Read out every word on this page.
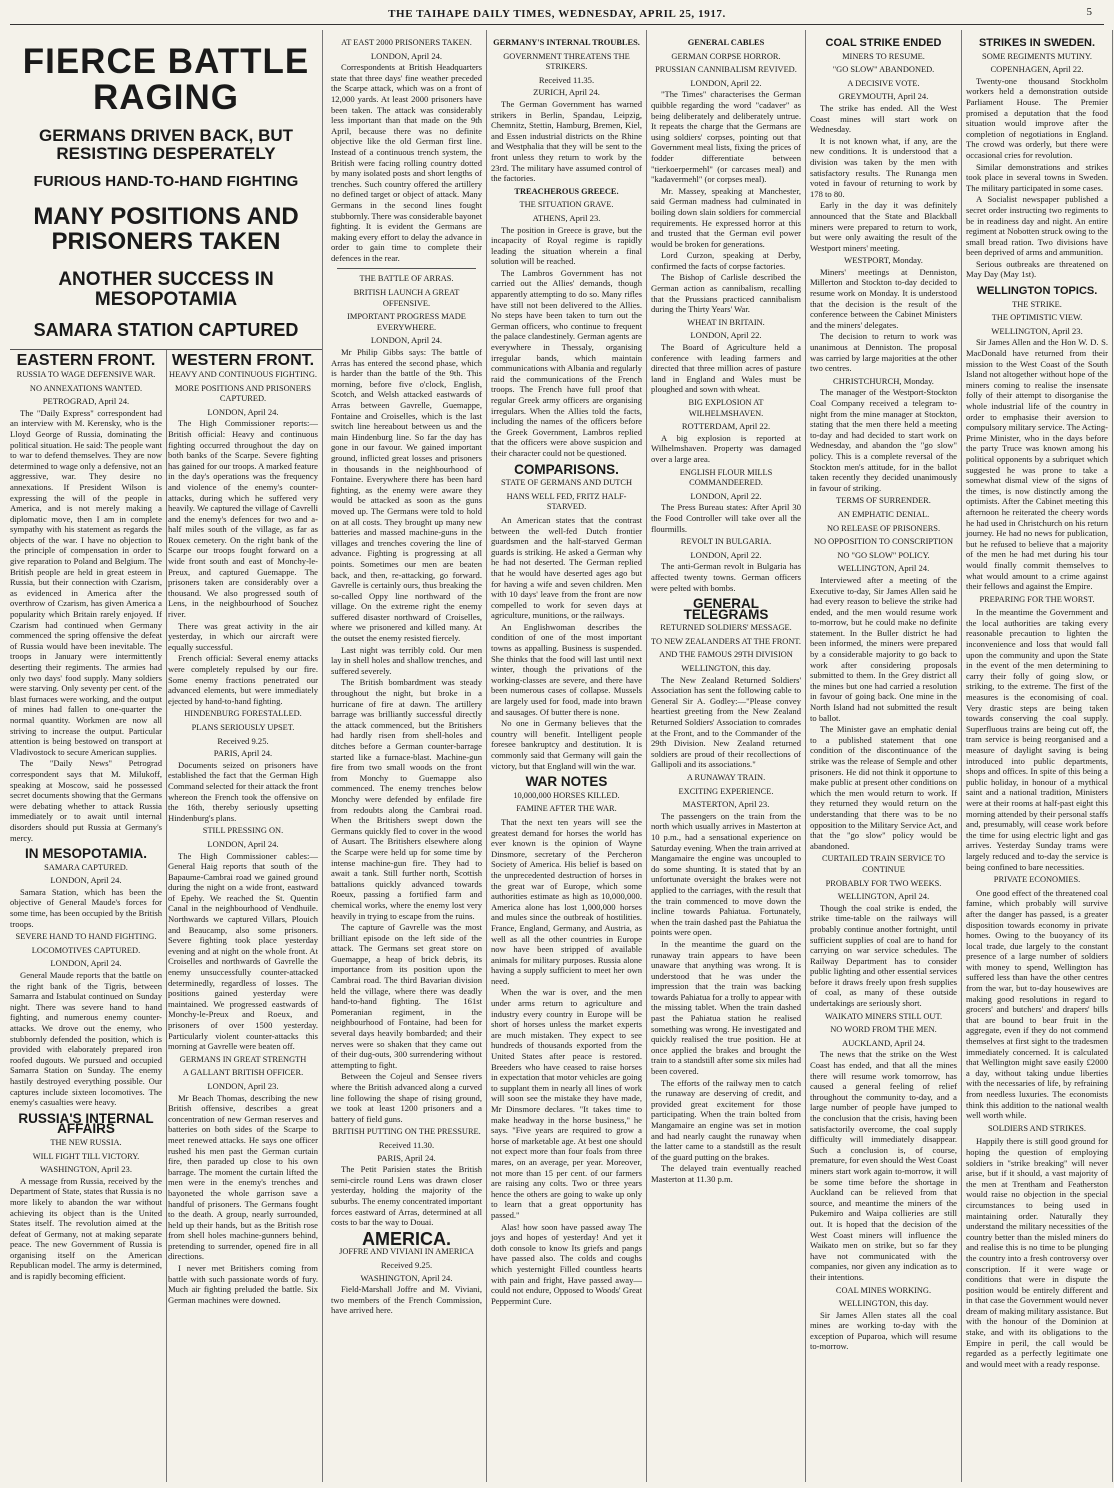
THE TAIHAPE DAILY TIMES, WEDNESDAY, APRIL 25, 1917.	5
FIERCE BATTLE RAGING
GERMANS DRIVEN BACK, BUT RESISTING DESPERATELY
FURIOUS HAND-TO-HAND FIGHTING
MANY POSITIONS AND PRISONERS TAKEN
ANOTHER SUCCESS IN MESOPOTAMIA
SAMARA STATION CAPTURED
EASTERN FRONT.
RUSSIA TO WAGE DEFENSIVE WAR.
NO ANNEXATIONS WANTED.
PETROGRAD, April 24.

The "Daily Express" correspondent had an interview with M. Kerensky, who is the Lloyd George of Russia, dominating the political situation. He said: The people want to war to defend themselves. They are now determined to wage only a defensive, not an aggressive, war. They desire no annexations. If President Wilson is expressing the will of the people in America, and is not merely making a diplomatic move, then I am in complete sympathy with his statement as regards the objects of the war. I have no objection to the principle of compensation in order to give reparation to Poland and Belgium. The British people are held in great esteem in Russia, but their connection with Czarism, as evidenced in America after the overthrow of Czarism, has given America a popularity which Britain rarely enjoyed. If Czarism had continued when Germany commenced the spring offensive the defeat of Russia would have been inevitable. The troops in January were intermittently deserting their regiments. The armies had only two days' food supply. Many soldiers were starving. Only seventy per cent. of the blast furnaces were working, and the output of mines had fallen to one-quarter the normal quantity. Workmen are now all striving to increase the output. Particular attention is being bestowed on transport at Vladivostock to secure American supplies.

The "Daily News" Petrograd correspondent says that M. Milukoff, speaking at Moscow, said he possessed secret documents showing that the Germans were debating whether to attack Russia immediately or to await until internal disorders should put Russia at Germany's mercy.

IN MESOPOTAMIA.
SAMARA CAPTURED.
LONDON, April 24.

Samara Station, which has been the objective of General Maude's forces for some time, has been occupied by the British troops.

SEVERE HAND TO HAND FIGHTING.
LOCOMOTIVES CAPTURED.
LONDON, April 24.

General Maude reports that the battle on the right bank of the Tigris, between Samarra and Istabulat continued on Sunday night. There was severe hand to hand fighting, and numerous enemy counter-attacks. We drove out the enemy, who stubbornly defended the position, which is provided with elaborately prepared iron roofed dugouts. We pursued and occupied Samarra Station on Sunday. The enemy hastily destroyed everything possible. Our captures include sixteen locomotives. The enemy's casualties were heavy.

RUSSIA'S INTERNAL AFFAIRS
THE NEW RUSSIA.
WILL FIGHT TILL VICTORY.
WASHINGTON, April 23.

A message from Russia, received by the Department of State, states that Russia is no more likely to abandon the war without achieving its object than is the United States itself. The revolution aimed at the defeat of Germany, not at making separate peace. The new Government of Russia is organising itself on the American Republican model. The army is determined, and is rapidly becoming efficient.

WESTERN FRONT.
HEAVY AND CONTINUOUS FIGHTING.
MORE POSITIONS AND PRISONERS CAPTURED.
LONDON, April 24.

The High Commissioner reports:— British official: Heavy and continuous fighting occurred throughout the day on both banks of the Scarpe. Severe fighting has gained for our troops. A marked feature in the day's operations was the frequency and violence of the enemy's counter-attacks, during which he suffered very heavily. We captured the village of Cavrelli and the enemy's defences for two and a-half miles south of the village, as far as Rouex cemetery. On the right bank of the Scarpe our troops fought forward on a wide front south and east of Monchy-le-Preux, and captured Guemappe. The prisoners taken are considerably over a thousand. We also progressed south of Lens, in the neighbourhood of Souchez river.

There was great activity in the air yesterday, in which our aircraft were equally successful.

French official: Several enemy attacks were completely repulsed by our fire. Some enemy fractions penetrated our advanced elements, but were immediately ejected by hand-to-hand fighting.

HINDENBURG FORESTALLED.
PLANS SERIOUSLY UPSET.
Received 9.25.
PARIS, April 24.

Documents seized on prisoners have established the fact that the German High Command selected for their attack the front whereon the French took the offensive on the 16th, thereby seriously upsetting Hindenburg's plans.

STILL PRESSING ON.
LONDON, April 24.

The High Commissioner cables:— General Haig reports that south of the Bapaume-Cambrai road we gained ground during the night on a wide front, eastward of Epehy. We reached the St. Quentin Canal in the neighbourhood of Vendhuile. Northwards we captured Villars, Plouich and Beaucamp, also some prisoners. Severe fighting took place yesterday evening and at night on the whole front. At Croiselles and northwards of Gavrelle the enemy unsuccessfully counter-attacked determinedly, regardless of losses. The positions gained yesterday were maintained. We progressed eastwards of Monchy-le-Preux and Roeux, and prisoners of over 1500 yesterday. Particularly violent counter-attacks this morning at Gavrelle were beaten off.

GERMANS IN GREAT STRENGTH
A GALLANT BRITISH OFFICER.
LONDON, April 23.

Mr Beach Thomas, describing the new British offensive, describes a great concentration of new German reserves and batteries on both sides of the Scarpe to meet renewed attacks. He says one officer rushed his men past the German curtain fire, then paraded up close to his own barrage. The moment the curtain lifted the men were in the enemy's trenches and bayoneted the whole garrison save a handful of prisoners. The Germans fought to the death. A group, nearly surrounded, held up their hands, but as the British rose from shell holes machine-gunners behind, pretending to surrender, opened fire in all directions.

I never met Britishers coming from battle with such passionate words of fury. Much air fighting preluded the battle. Six German machines were downed.

AT EAST 2000 PRISONERS TAKEN.
LONDON, April 24.

Correspondents at British Headquarters state that three days' fine weather preceded the Scarpe attack, which was on a front of 12,000 yards. At least 2000 prisoners have been taken. The attack was considerably less important than that made on the 9th April, because there was no definite objective like the old German first line. Instead of a continuous trench system, the British were facing rolling country dotted by many isolated posts and short lengths of trenches. Such country offered the artillery no defined target or object of attack. Many Germans in the second lines fought stubbornly. There was considerable bayonet fighting. It is evident the Germans are making every effort to delay the advance in order to gain time to complete their defences in the rear.

THE BATTLE OF ARRAS.
BRITISH LAUNCH A GREAT OFFENSIVE.
IMPORTANT PROGRESS MADE EVERYWHERE.
LONDON, April 24.

Mr Philip Gibbs says: The battle of Arras has entered the second phase, which is harder than the battle of the 9th. This morning, before five o'clock, English, Scotch, and Welsh attacked eastwards of Arras between Gavrelle, Guemappe, Fontaine and Croiselles, which is the last switch line hereabout between us and the main Hindenburg line. So far the day has gone in our favour. We gained important ground, inflicted great losses and prisoners in thousands in the neighbourhood of Fontaine. Everywhere there has been hard fighting, as the enemy were aware they would be attacked as soon as the guns moved up. The Germans were told to hold on at all costs. They brought up many new batteries and massed machine-guns in the villages and trenches covering the line of advance. Fighting is progressing at all points. Sometimes our men are beaten back, and then, re-attacking, go forward. Gavrelle is certainly ours, thus breaking the so-called Oppy line northward of the village. On the extreme right the enemy suffered disaster northward of Croiselles, where we prisonered and killed many. At the outset the enemy resisted fiercely.

Last night was terribly cold. Our men lay in shell holes and shallow trenches, and suffered severely.

The British bombardment was steady throughout the night, but broke in a hurricane of fire at dawn. The artillery barrage was brilliantly successful directly the attack commenced, but the Britishers had hardly risen from shell-holes and ditches before a German counter-barrage started like a furnace-blast. Machine-gun fire from two small woods on the front from Monchy to Guemappe also commenced. The enemy trenches below Monchy were defended by enfilade fire from redoubts along the Cambrai road. When the Britishers swept down the Germans quickly fled to cover in the wood of Ausart. The Britishers elsewhere along the Scarpe were held up for some time by intense machine-gun fire. They had to await a tank. Still further north, Scottish battalions quickly advanced towards Roeux, passing a fortified farm and chemical works, where the enemy lost very heavily in trying to escape from the ruins.

The capture of Gavrelle was the most brilliant episode on the left side of the attack. The Germans set great store on Guemappe, a heap of brick debris, its importance from its position upon the Cambrai road. The third Bavarian division held the village, where there was deadly hand-to-hand fighting. The 161st Pomeranian regiment, in the neighbourhood of Fontaine, had been for several days heavily bombarded; and their nerves were so shaken that they came out of their dug-outs, 300 surrendering without attempting to fight.

Between the Cojeul and Sensee rivers where the British advanced along a curved line following the shape of rising ground, we took at least 1200 prisoners and a battery of field guns.

BRITISH PUTTING ON THE PRESSURE.
Received 11.30.
PARIS, April 24.

The Petit Parisien states the British semi-circle round Lens was drawn closer yesterday, holding the majority of the suburbs. The enemy concentrated important forces eastward of Arras, determined at all costs to bar the way to Douai.

AMERICA.
JOFFRE AND VIVIANI IN AMERICA
Received 9.25.
WASHINGTON, April 24.

Field-Marshall Joffre and M. Viviani, two members of the French Commission, have arrived here.

GERMANY'S INTERNAL TROUBLES.
GOVERNMENT THREATENS THE STRIKERS.
Received 11.35.
ZURICH, April 24.

The German Government has warned strikers in Berlin, Spandau, Leipzig, Chemnitz, Stettin, Hamburg, Bremen, Kiel, and Essen industrial districts on the Rhine and Westphalia that they will be sent to the front unless they return to work by the 23rd. The military have assumed control of the factories.

TREACHEROUS GREECE.
THE SITUATION GRAVE.
ATHENS, April 23.

The position in Greece is grave, but the incapacity of Royal regime is rapidly leading the situation wherein a final solution will be reached.

The Lambros Government has not carried out the Allies' demands, though apparently attempting to do so. Many rifles have still not been delivered to the Allies. No steps have been taken to turn out the German officers, who continue to frequent the palace clandestinely. German agents are everywhere in Thessaly, organising irregular bands, which maintain communications with Albania and regularly raid the communications of the French troops. The French have full proof that regular Greek army officers are organising irregulars. When the Allies told the facts, including the names of the officers before the Greek Government, Lambros replied that the officers were above suspicion and their character could not be questioned.

COMPARISONS.
STATE OF GERMANS AND DUTCH
HANS WELL FED, FRITZ HALF-STARVED.

An American states that the contrast between the well-fed Dutch frontier guardsmen and the half-starved German guards is striking. He asked a German why he had not deserted. The German replied that he would have deserted ages ago but for having a wife and seven children. Men with 10 days' leave from the front are now compelled to work for seven days at agriculture, munitions, or the railways.

An Englishwoman describes the condition of one of the most important towns as appalling. Business is suspended. She thinks that the food will last until next winter, though the privations of the working-classes are severe, and there have been numerous cases of collapse. Mussels are largely used for food, made into brawn and sausages. Of butter there is none.

No one in Germany believes that the country will benefit. Intelligent people foresee bankruptcy and destitution. It is commonly said that Germany will gain the victory, but that England will win the war.

WAR NOTES
10,000,000 HORSES KILLED.
FAMINE AFTER THE WAR.

That the next ten years will see the greatest demand for horses the world has ever known is the opinion of Wayne Dinsmore, secretary of the Percheron Society of America. His belief is based on the unprecedented destruction of horses in the great war of Europe, which some authorities estimate as high as 10,000,000. America alone has lost 1,000,000 horses and mules since the outbreak of hostilities. France, England, Germany, and Austria, as well as all the other countries in Europe now have been stripped of available animals for military purposes. Russia alone having a supply sufficient to meet her own need.

When the war is over, and the men under arms return to agriculture and industry every country in Europe will be short of horses unless the market experts are much mistaken. They expect to see hundreds of thousands exported from the United States after peace is restored. Breeders who have ceased to raise horses in expectation that motor vehicles are going to supplant them in nearly all lines of work will soon see the mistake they have made, Mr Dinsmore declares. "It takes time to make headway in the horse business," he says. "Five years are required to grow a horse of marketable age. At best one should not expect more than four foals from three mares, on an average, per year. Moreover, not more than 15 per cent. of our farmers are raising any colts. Two or three years hence the others are going to wake up only to learn that a great opportunity has passed."

Alas! how soon have passed away The joys and hopes of yesterday! And yet it doth console to know Its griefs and pangs have passed also. The colds and coughs which yesternight Filled countless hearts with pain and fright, Have passed away—could not endure, Opposed to Woods' Great Peppermint Cure.

GENERAL CABLES
GERMAN CORPSE HORROR.
PRUSSIAN CANNIBALISM REVIVED.
LONDON, April 22.

"The Times" characterises the German quibble regarding the word "cadaver" as being deliberately and deliberately untrue. It repeats the charge that the Germans are using soldiers' corpses, pointing out that Government meal lists, fixing the prices of fodder differentiate between "tierkoerpermehl" (or carcases meal) and "kadavermehl" (or corpses meal).

Mr. Massey, speaking at Manchester, said German madness had culminated in boiling down slain soldiers for commercial requirements. He expressed horror at this and trusted that the German evil power would be broken for generations.

Lord Curzon, speaking at Derby, confirmed the facts of corpse factories.

The Bishop of Carlisle described the German action as cannibalism, recalling that the Prussians practiced cannibalism during the Thirty Years' War.

WHEAT IN BRITAIN.
LONDON, April 22.

The Board of Agriculture held a conference with leading farmers and directed that three million acres of pasture land in England and Wales must be ploughed and sown with wheat.

BIG EXPLOSION AT WILHELMSHAVEN.
ROTTERDAM, April 22.

A big explosion is reported at Wilhelmshaven. Property was damaged over a large area.

ENGLISH FLOUR MILLS COMMANDEERED.
LONDON, April 22.

The Press Bureau states: After April 30 the Food Controller will take over all the flourmills.

REVOLT IN BULGARIA.
LONDON, April 22.

The anti-German revolt in Bulgaria has affected twenty towns. German officers were pelted with bombs.

GENERAL TELEGRAMS
RETURNED SOLDIERS' MESSAGE.
TO NEW ZEALANDERS AT THE FRONT.
AND THE FAMOUS 29TH DIVISION
WELLINGTON, this day.

The New Zealand Returned Soldiers' Association has sent the following cable to General Sir A. Godley:—"Please convey heartiest greeting from the New Zealand Returned Soldiers' Association to comrades at the Front, and to the Commander of the 29th Division. New Zealand returned soldiers are proud of their recollections of Gallipoli and its associations."

A RUNAWAY TRAIN.
EXCITING EXPERIENCE.
MASTERTON, April 23.

The passengers on the train from the north which usually arrives in Masterton at 10 p.m., had a sensational experience on Saturday evening. When the train arrived at Mangamaire the engine was uncoupled to do some shunting. It is stated that by an unfortunate oversight the brakes were not applied to the carriages, with the result that the train commenced to move down the incline towards Pahiatua. Fortunately, when the train dashed past the Pahiatua the points were open.

In the meantime the guard on the runaway train appears to have been unaware that anything was wrong. It is understood that he was under the impression that the train was backing towards Pahiatua for a trolly to appear with the missing tablet. When the train dashed past the Pahiatua station he realised something was wrong. He investigated and quickly realised the true position. He at once applied the brakes and brought the train to a standstill after some six miles had been covered.

The efforts of the railway men to catch the runaway are deserving of credit, and provided great excitement for those participating. When the train bolted from Mangamaire an engine was set in motion and had nearly caught the runaway when the latter came to a standstill as the result of the guard putting on the brakes.

The delayed train eventually reached Masterton at 11.30 p.m.

COAL STRIKE ENDED
MINERS TO RESUME.
"GO SLOW" ABANDONED.
A DECISIVE VOTE.
GREYMOUTH, April 24.

The strike has ended. All the West Coast mines will start work on Wednesday.

It is not known what, if any, are the new conditions. It is understood that a division was taken by the men with satisfactory results. The Runanga men voted in favour of returning to work by 178 to 80.

Early in the day it was definitely announced that the State and Blackball miners were prepared to return to work, but were only awaiting the result of the Westport miners' meeting.

WESTPORT, Monday.

Miners' meetings at Denniston, Millerton and Stockton to-day decided to resume work on Monday. It is understood that the decision is the result of the conference between the Cabinet Ministers and the miners' delegates.

The decision to return to work was unanimous at Denniston. The proposal was carried by large majorities at the other two centres.

CHRISTCHURCH, Monday.

The manager of the Westport-Stockton Coal Company received a telegram to-night from the mine manager at Stockton, stating that the men there held a meeting to-day and had decided to start work on Wednesday, and abandon the "go slow" policy. This is a complete reversal of the Stockton men's attitude, for in the ballot taken recently they decided unanimously in favour of striking.

TERMS OF SURRENDER.
AN EMPHATIC DENIAL.
NO RELEASE OF PRISONERS.
NO OPPOSITION TO CONSCRIPTION
NO "GO SLOW" POLICY.
WELLINGTON, April 24.

Interviewed after a meeting of the Executive to-day, Sir James Allen said he had every reason to believe the strike had ended, and the men would resume work to-morrow, but he could make no definite statement. In the Buller district he had been informed, the miners were prepared by a considerable majority to go back to work after considering proposals submitted to them. In the Grey district all the mines but one had carried a resolution in favour of going back. One mine in the North Island had not submitted the result to ballot.

The Minister gave an emphatic denial to a published statement that one condition of the discontinuance of the strike was the release of Semple and other prisoners. He did not think it opportune to make public at present other conditions on which the men would return to work. If they returned they would return on the understanding that there was to be no opposition to the Military Service Act, and that the "go slow" policy would be abandoned.

CURTAILED TRAIN SERVICE TO CONTINUE
PROBABLY FOR TWO WEEKS.
WELLINGTON, April 24.

Though the coal strike is ended, the strike time-table on the railways will probably continue another fortnight, until sufficient supplies of coal are to hand for carrying on war service schedules. The Railway Department has to consider public lighting and other essential services before it draws freely upon fresh supplies of coal, as many of these outside undertakings are seriously short.

WAIKATO MINERS STILL OUT.
NO WORD FROM THE MEN.
AUCKLAND, April 24.

The news that the strike on the West Coast has ended, and that all the mines there will resume work tomorrow, has caused a general feeling of relief throughout the community to-day, and a large number of people have jumped to the conclusion that the crisis, having been satisfactorily overcome, the coal supply difficulty will immediately disappear. Such a conclusion is, of course, premature, for even should the West Coast miners start work again to-morrow, it will be some time before the shortage in Auckland can be relieved from that source, and meantime the miners of the Pukemiro and Waipa collieries are still out. It is hoped that the decision of the West Coast miners will influence the Waikato men on strike, but so far they have not communicated with the companies, nor given any indication as to their intentions.

COAL MINES WORKING.
WELLINGTON, this day.

Sir James Allen states all the coal mines are working to-day with the exception of Puparoa, which will resume to-morrow.

STRIKES IN SWEDEN.
SOME REGIMENTS MUTINY.
COPENHAGEN, April 22.

Twenty-one thousand Stockholm workers held a demonstration outside Parliament House. The Premier promised a deputation that the food situation would improve after the completion of negotiations in England. The crowd was orderly, but there were occasional cries for revolution.

Similar demonstrations and strikes took place in several towns in Sweden. The military participated in some cases.

A Socialist newspaper published a secret order instructing two regiments to be in readiness day and night. An entire regiment at Nobotten struck owing to the small bread ration. Two divisions have been deprived of arms and ammunition.

Serious outbreaks are threatened on May Day (May 1st).

WELLINGTON TOPICS.
THE STRIKE.
THE OPTIMISTIC VIEW.
WELLINGTON, April 23.

Sir James Allen and the Hon W. D. S. MacDonald have returned from their mission to the West Coast of the South Island not altogether without hope of the miners coming to realise the insensate folly of their attempt to disorganise the whole industrial life of the country in order to emphasise their aversion to compulsory military service. The Acting-Prime Minister, who in the days before the party Truce was known among his political opponents by a subriquet which suggested he was prone to take a somewhat dismal view of the signs of the times, is now distinctly among the optimists. After the Cabinet meeting this afternoon he reiterated the cheery words he had used in Christchurch on his return journey. He had no news for publication, but he refused to believe that a majority of the men he had met during his tour would finally commit themselves to what would amount to a crime against their fellows and against the Empire.

PREPARING FOR THE WORST.

In the meantime the Government and the local authorities are taking every reasonable precaution to lighten the inconvenience and loss that would fall upon the community and upon the State in the event of the men determining to carry their folly of going slow, or striking, to the extreme. The first of the measures is the economising of coal. Very drastic steps are being taken towards conserving the coal supply. Superfluous trains are being cut off, the tram service is being reorganised and a measure of daylight saving is being introduced into public departments, shops and offices. In spite of this being a public holiday, in honour of a mythical saint and a national tradition, Ministers were at their rooms at half-past eight this morning attended by their personal staffs and, presumably, will cease work before the time for using electric light and gas arrives. Yesterday Sunday trams were largely reduced and to-day the service is being confined to bare necessities.

PRIVATE ECONOMIES.

One good effect of the threatened coal famine, which probably will survive after the danger has passed, is a greater disposition towards economy in private homes. Owing to the buoyancy of its local trade, due largely to the constant presence of a large number of soldiers with money to spend, Wellington has suffered less than have the other centres from the war, but to-day housewives are making good resolutions in regard to grocers' and butchers' and drapers' bills that are bound to bear fruit in the aggregate, even if they do not commend themselves at first sight to the tradesmen immediately concerned. It is calculated that Wellington might save easily £2000 a day, without taking undue liberties with the necessaries of life, by refraining from needless luxuries. The economists think this addition to the national wealth well worth while.

SOLDIERS AND STRIKES.

Happily there is still good ground for hoping the question of employing soldiers in "strike breaking" will never arise, but if it should, a vast majority of the men at Trentham and Featherston would raise no objection in the special circumstances to being used in maintaining order. Naturally they understand the military necessities of the country better than the misled miners do and realise this is no time to be plunging the country into a fresh controversy over conscription. If it were wage or conditions that were in dispute the position would be entirely different and in that case the Government would never dream of making military assistance. But with the honour of the Dominion at stake, and with its obligations to the Empire in peril, the call would be regarded as a perfectly legitimate one and would meet with a ready response.
